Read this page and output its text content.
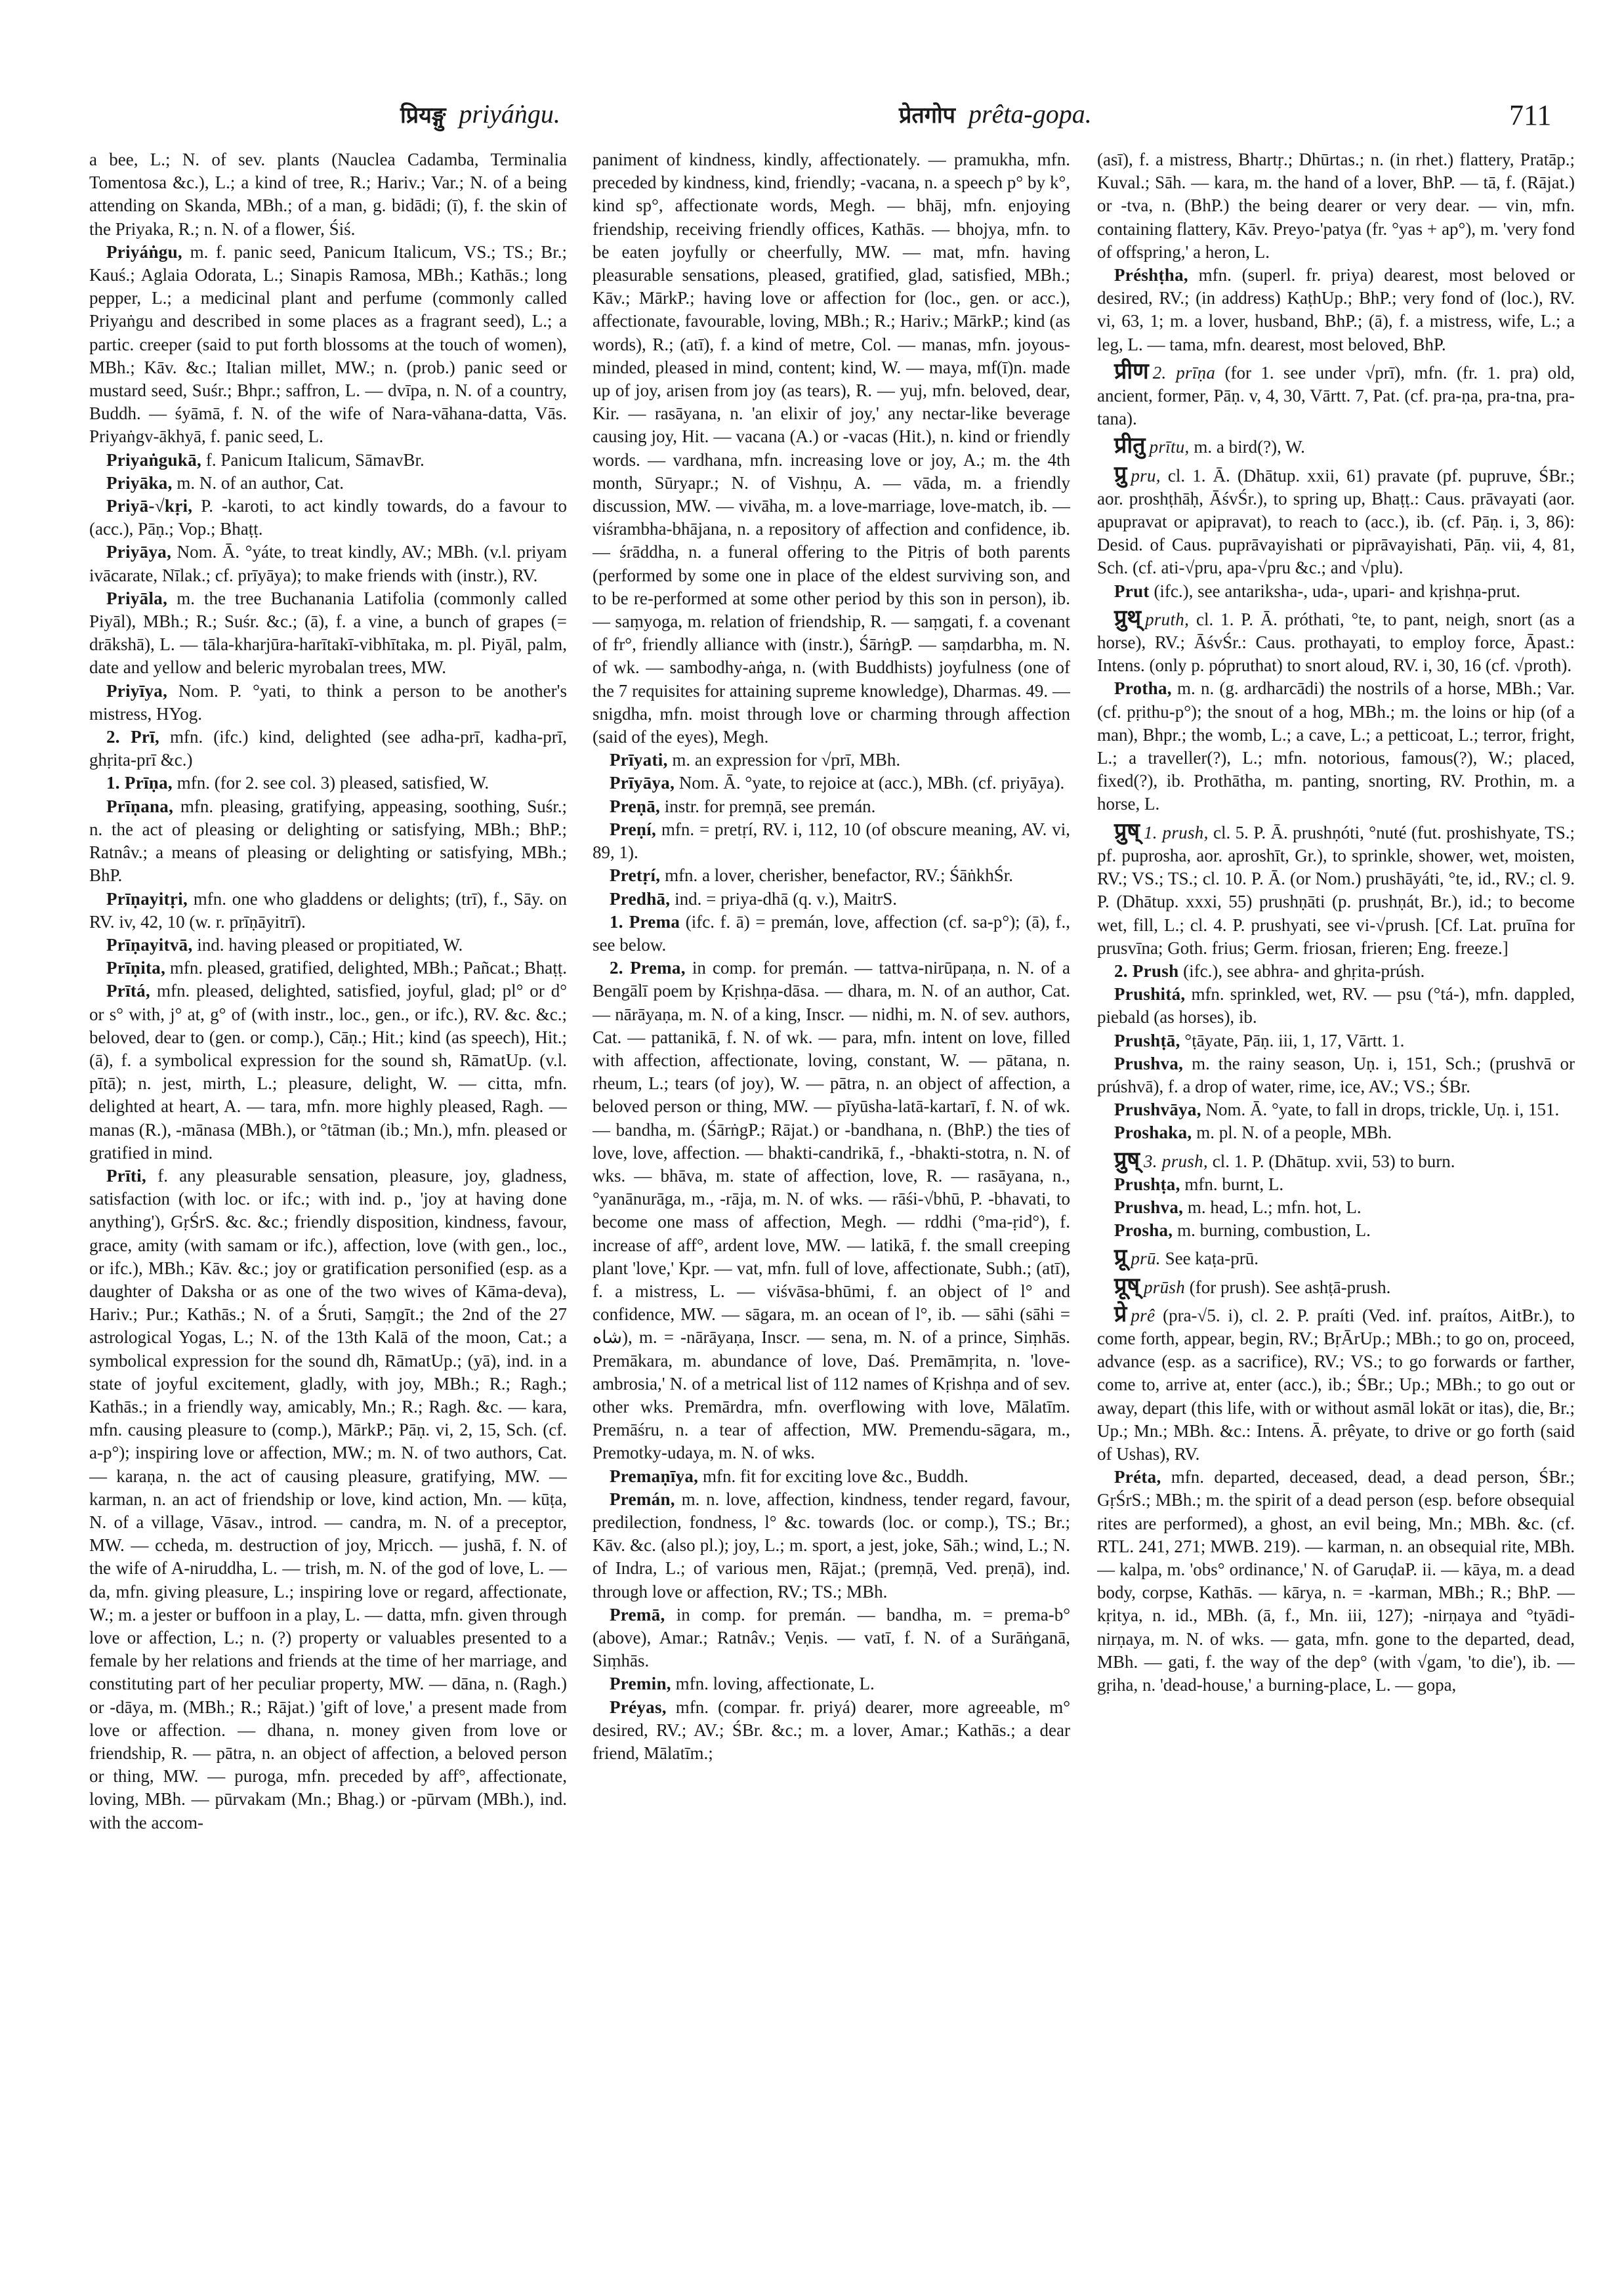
प्रियङ्गु priyáṅgu.	प्रेतगोप prêta-gopa.	711

a bee, L.; N. of sev. plants (Nauclea Cadamba, Terminalia Tomentosa &c.), L.; a kind of tree, R.; Hariv.; Var.; N. of a being attending on Skanda, MBh.; of a man, g. bidādi; (ī), f. the skin of the Priyaka, R.; n. N. of a flower, Śiś.

Priyáṅgu, m. f. panic seed, Panicum Italicum, VS.; TS.; Br.; Kauś.; Aglaia Odorata, L.; Sinapis Ramosa, MBh.; Kathās.; long pepper, L.; a medicinal plant and perfume (commonly called Priyaṅgu and described in some places as a fragrant seed), L.; a partic. creeper (said to put forth blossoms at the touch of women), MBh.; Kāv. &c.; Italian millet, MW.; n. (prob.) panic seed or mustard seed, Suśr.; Bhpr.; saffron, L. — dvīpa, n. N. of a country, Buddh. — śyāmā, f. N. of the wife of Nara-vāhana-datta, Vās. Priyaṅgv-ākhyā, f. panic seed, L.

Priyaṅgukā, f. Panicum Italicum, SāmavBr.

Priyāka, m. N. of an author, Cat.

Priyā-√kṛi, P. -karoti, to act kindly towards, do a favour to (acc.), Pāṇ.; Vop.; Bhaṭṭ.

Priyāya, Nom. Ā. °yáte, to treat kindly, AV.; MBh. (v.l. priyam ivācarate, Nīlak.; cf. prīyāya); to make friends with (instr.), RV.

Priyāla, m. the tree Buchanania Latifolia (commonly called Piyāl), MBh.; R.; Suśr. &c.; (ā), f. a vine, a bunch of grapes (= drākshā), L. — tāla-kharjūra-harītakī-vibhītaka, m. pl. Piyāl, palm, date and yellow and beleric myrobalan trees, MW.

Priyīya, Nom. P. °yati, to think a person to be another's mistress, HYog.

2. Prī, mfn. (ifc.) kind, delighted (see adha-prī, kadha-prī, ghṛita-prī &c.)

1. Prīṇa, mfn. (for 2. see col. 3) pleased, satisfied, W.

Prīṇana, mfn. pleasing, gratifying, appeasing, soothing, Suśr.; n. the act of pleasing or delighting or satisfying, MBh.; BhP.; Ratnâv.; a means of pleasing or delighting or satisfying, MBh.; BhP.

Prīṇayitṛi, mfn. one who gladdens or delights; (trī), f., Sāy. on RV. iv, 42, 10 (w. r. prīṇāyitrī).

Prīṇayitvā, ind. having pleased or propitiated, W.

Prīṇita, mfn. pleased, gratified, delighted, MBh.; Pañcat.; Bhaṭṭ.

Prītá, mfn. pleased, delighted, satisfied, joyful, glad; pl° or d° or s° with, j° at, g° of (with instr., loc., gen., or ifc.), RV. &c. &c.; beloved, dear to (gen. or comp.), Cāṇ.; Hit.; kind (as speech), Hit.; (ā), f. a symbolical expression for the sound sh, RāmatUp. (v.l. pītā); n. jest, mirth, L.; pleasure, delight, W. — citta, mfn. delighted at heart, A. — tara, mfn. more highly pleased, Ragh. — manas (R.), -mānasa (MBh.), or °tātman (ib.; Mn.), mfn. pleased or gratified in mind.

Prīti, f. any pleasurable sensation, pleasure, joy, gladness, satisfaction (with loc. or ifc.; with ind. p., 'joy at having done anything'), GṛŚrS. &c. &c.; friendly disposition, kindness, favour, grace, amity (with samam or ifc.), affection, love (with gen., loc., or ifc.), MBh.; Kāv. &c.; joy or gratification personified (esp. as a daughter of Daksha or as one of the two wives of Kāma-deva), Hariv.; Pur.; Kathās.; N. of a Śruti, Saṃgīt.; the 2nd of the 27 astrological Yogas, L.; N. of the 13th Kalā of the moon, Cat.; a symbolical expression for the sound dh, RāmatUp.; (yā), ind. in a state of joyful excitement, gladly, with joy, MBh.; R.; Ragh.; Kathās.; in a friendly way, amicably, Mn.; R.; Ragh. &c. — kara, mfn. causing pleasure to (comp.), MārkP.; Pāṇ. vi, 2, 15, Sch. (cf. a-p°); inspiring love or affection, MW.; m. N. of two authors, Cat. — karaṇa, n. the act of causing pleasure, gratifying, MW. — karman, n. an act of friendship or love, kind action, Mn. — kūṭa, N. of a village, Vāsav., introd. — candra, m. N. of a preceptor, MW. — ccheda, m. destruction of joy, Mṛicch. — jushā, f. N. of the wife of A-niruddha, L. — trish, m. N. of the god of love, L. — da, mfn. giving pleasure, L.; inspiring love or regard, affectionate, W.; m. a jester or buffoon in a play, L. — datta, mfn. given through love or affection, L.; n. (?) property or valuables presented to a female by her relations and friends at the time of her marriage, and constituting part of her peculiar property, MW. — dāna, n. (Ragh.) or -dāya, m. (MBh.; R.; Rājat.) 'gift of love,' a present made from love or affection. — dhana, n. money given from love or friendship, R. — pātra, n. an object of affection, a beloved person or thing, MW. — puroga, mfn. preceded by aff°, affectionate, loving, MBh. — pūrvakam (Mn.; Bhag.) or -pūrvam (MBh.), ind. with the accom-

paniment of kindness, kindly, affectionately. — pramukha, mfn. preceded by kindness, kind, friendly; -vacana, n. a speech p° by k°, kind sp°, affectionate words, Megh. — bhāj, mfn. enjoying friendship, receiving friendly offices, Kathās. — bhojya, mfn. to be eaten joyfully or cheerfully, MW. — mat, mfn. having pleasurable sensations, pleased, gratified, glad, satisfied, MBh.; Kāv.; MārkP.; having love or affection for (loc., gen. or acc.), affectionate, favourable, loving, MBh.; R.; Hariv.; MārkP.; kind (as words), R.; (atī), f. a kind of metre, Col. — manas, mfn. joyous-minded, pleased in mind, content; kind, W. — maya, mf(ī)n. made up of joy, arisen from joy (as tears), R. — yuj, mfn. beloved, dear, Kir. — rasāyana, n. 'an elixir of joy,' any nectar-like beverage causing joy, Hit. — vacana (A.) or -vacas (Hit.), n. kind or friendly words. — vardhana, mfn. increasing love or joy, A.; m. the 4th month, Sūryapr.; N. of Vishṇu, A. — vāda, m. a friendly discussion, MW. — vivāha, m. a love-marriage, love-match, ib. — viśrambha-bhājana, n. a repository of affection and confidence, ib. — śrāddha, n. a funeral offering to the Pitṛis of both parents (performed by some one in place of the eldest surviving son, and to be re-performed at some other period by this son in person), ib. — saṃyoga, m. relation of friendship, R. — saṃgati, f. a covenant of fr°, friendly alliance with (instr.), ŚārṅgP. — saṃdarbha, m. N. of wk. — sambodhy-aṅga, n. (with Buddhists) joyfulness (one of the 7 requisites for attaining supreme knowledge), Dharmas. 49. — snigdha, mfn. moist through love or charming through affection (said of the eyes), Megh.

Prīyati, m. an expression for √prī, MBh.

Prīyāya, Nom. Ā. °yate, to rejoice at (acc.), MBh. (cf. priyāya).

Preṇā, instr. for premṇā, see premán.

Preṇí, mfn. = pretṛí, RV. i, 112, 10 (of obscure meaning, AV. vi, 89, 1).

Pretṛí, mfn. a lover, cherisher, benefactor, RV.; ŚāṅkhŚr.

Predhā, ind. = priya-dhā (q. v.), MaitrS.

1. Prema (ifc. f. ā) = premán, love, affection (cf. sa-p°); (ā), f., see below.

2. Prema, in comp. for premán. — tattva-nirūpaṇa, n. N. of a Bengālī poem by Kṛishṇa-dāsa. — dhara, m. N. of an author, Cat. — nārāyaṇa, m. N. of a king, Inscr. — nidhi, m. N. of sev. authors, Cat. — pattanikā, f. N. of wk. — para, mfn. intent on love, filled with affection, affectionate, loving, constant, W. — pātana, n. rheum, L.; tears (of joy), W. — pātra, n. an object of affection, a beloved person or thing, MW. — pīyūsha-latā-kartarī, f. N. of wk. — bandha, m. (ŚārṅgP.; Rājat.) or -bandhana, n. (BhP.) the ties of love, love, affection. — bhakti-candrikā, f., -bhakti-stotra, n. N. of wks. — bhāva, m. state of affection, love, R. — rasāyana, n., °yanānurāga, m., -rāja, m. N. of wks. — rāśi-√bhū, P. -bhavati, to become one mass of affection, Megh. — rddhi (°ma-ṛid°), f. increase of aff°, ardent love, MW. — latikā, f. the small creeping plant 'love,' Kpr. — vat, mfn. full of love, affectionate, Subh.; (atī), f. a mistress, L. — viśvāsa-bhūmi, f. an object of l° and confidence, MW. — sāgara, m. an ocean of l°, ib. — sāhi (sāhi = شاه), m. = -nārāyaṇa, Inscr. — sena, m. N. of a prince, Siṃhās. Premākara, m. abundance of love, Daś. Premāmṛita, n. 'love-ambrosia,' N. of a metrical list of 112 names of Kṛishṇa and of sev. other wks. Premārdra, mfn. overflowing with love, Mālatīm. Premāśru, n. a tear of affection, MW. Premendu-sāgara, m., Premotky-udaya, m. N. of wks.

Premaṇīya, mfn. fit for exciting love &c., Buddh.

Premán, m. n. love, affection, kindness, tender regard, favour, predilection, fondness, l° &c. towards (loc. or comp.), TS.; Br.; Kāv. &c. (also pl.); joy, L.; m. sport, a jest, joke, Sāh.; wind, L.; N. of Indra, L.; of various men, Rājat.; (premṇā, Ved. preṇā), ind. through love or affection, RV.; TS.; MBh.

Premā, in comp. for premán. — bandha, m. = prema-b° (above), Amar.; Ratnâv.; Veṇis. — vatī, f. N. of a Surāṅganā, Siṃhās.

Premin, mfn. loving, affectionate, L.

Préyas, mfn. (compar. fr. priyá) dearer, more agreeable, m° desired, RV.; AV.; ŚBr. &c.; m. a lover, Amar.; Kathās.; a dear friend, Mālatīm.;

(asī), f. a mistress, Bhartṛ.; Dhūrtas.; n. (in rhet.) flattery, Pratāp.; Kuval.; Sāh. — kara, m. the hand of a lover, BhP. — tā, f. (Rājat.) or -tva, n. (BhP.) the being dearer or very dear. — vin, mfn. containing flattery, Kāv. Preyo-'patya (fr. °yas + ap°), m. 'very fond of offspring,' a heron, L.

Préshṭha, mfn. (superl. fr. priya) dearest, most beloved or desired, RV.; (in address) KaṭhUp.; BhP.; very fond of (loc.), RV. vi, 63, 1; m. a lover, husband, BhP.; (ā), f. a mistress, wife, L.; a leg, L. — tama, mfn. dearest, most beloved, BhP.

प्रीण 2. prīṇa (for 1. see under √prī), mfn. (fr. 1. pra) old, ancient, former, Pāṇ. v, 4, 30, Vārtt. 7, Pat. (cf. pra-ṇa, pra-tna, pra-tana).

प्रीतु prītu, m. a bird(?), W.

प्रु pru, cl. 1. Ā. (Dhātup. xxii, 61) pravate (pf. pupruve, ŚBr.; aor. proshṭhāḥ, ĀśvŚr.), to spring up, Bhaṭṭ.: Caus. prāvayati (aor. apupravat or apipravat), to reach to (acc.), ib. (cf. Pāṇ. i, 3, 86): Desid. of Caus. puprāvayishati or piprāvayishati, Pāṇ. vii, 4, 81, Sch. (cf. ati-√pru, apa-√pru &c.; and √plu).

Prut (ifc.), see antariksha-, uda-, upari- and kṛishṇa-prut.

प्रुथ् pruth, cl. 1. P. Ā. próthati, °te, to pant, neigh, snort (as a horse), RV.; ĀśvŚr.: Caus. prothayati, to employ force, Āpast.: Intens. (only p. pópruthat) to snort aloud, RV. i, 30, 16 (cf. √proth).

Protha, m. n. (g. ardharcādi) the nostrils of a horse, MBh.; Var. (cf. pṛithu-p°); the snout of a hog, MBh.; m. the loins or hip (of a man), Bhpr.; the womb, L.; a cave, L.; a petticoat, L.; terror, fright, L.; a traveller(?), L.; mfn. notorious, famous(?), W.; placed, fixed(?), ib. Prothātha, m. panting, snorting, RV. Prothin, m. a horse, L.

प्रुष् 1. prush, cl. 5. P. Ā. prushṇóti, °nuté (fut. proshishyate, TS.; pf. puprosha, aor. aproshīt, Gr.), to sprinkle, shower, wet, moisten, RV.; VS.; TS.; cl. 10. P. Ā. (or Nom.) prushāyáti, °te, id., RV.; cl. 9. P. (Dhātup. xxxi, 55) prushṇāti (p. prushṇát, Br.), id.; to become wet, fill, L.; cl. 4. P. prushyati, see vi-√prush. [Cf. Lat. pruīna for prusvīna; Goth. frius; Germ. friosan, frieren; Eng. freeze.]

2. Prush (ifc.), see abhra- and ghṛita-prúsh.

Prushitá, mfn. sprinkled, wet, RV. — psu (°tá-), mfn. dappled, piebald (as horses), ib.

Prushṭā, °ṭāyate, Pāṇ. iii, 1, 17, Vārtt. 1.

Prushva, m. the rainy season, Uṇ. i, 151, Sch.; (prushvā or prúshvā), f. a drop of water, rime, ice, AV.; VS.; ŚBr.

Prushvāya, Nom. Ā. °yate, to fall in drops, trickle, Uṇ. i, 151.

Proshaka, m. pl. N. of a people, MBh.

प्रुष् 3. prush, cl. 1. P. (Dhātup. xvii, 53) to burn.

Prushṭa, mfn. burnt, L.

Prushva, m. head, L.; mfn. hot, L.

Prosha, m. burning, combustion, L.

प्रू prū. See kaṭa-prū.

प्रूष् prūsh (for prush). See ashṭā-prush.

प्रे prê (pra-√5. i), cl. 2. P. praíti (Ved. inf. praítos, AitBr.), to come forth, appear, begin, RV.; BṛĀrUp.; MBh.; to go on, proceed, advance (esp. as a sacrifice), RV.; VS.; to go forwards or farther, come to, arrive at, enter (acc.), ib.; ŚBr.; Up.; MBh.; to go out or away, depart (this life, with or without asmāl lokāt or itas), die, Br.; Up.; Mn.; MBh. &c.: Intens. Ā. prêyate, to drive or go forth (said of Ushas), RV.

Préta, mfn. departed, deceased, dead, a dead person, ŚBr.; GṛŚrS.; MBh.; m. the spirit of a dead person (esp. before obsequial rites are performed), a ghost, an evil being, Mn.; MBh. &c. (cf. RTL. 241, 271; MWB. 219). — karman, n. an obsequial rite, MBh. — kalpa, m. 'obs° ordinance,' N. of GaruḍaP. ii. — kāya, m. a dead body, corpse, Kathās. — kārya, n. = -karman, MBh.; R.; BhP. — kṛitya, n. id., MBh. (ā, f., Mn. iii, 127); -nirṇaya and °tyādi-nirṇaya, m. N. of wks. — gata, mfn. gone to the departed, dead, MBh. — gati, f. the way of the dep° (with √gam, 'to die'), ib. — gṛiha, n. 'dead-house,' a burning-place, L. — gopa,
